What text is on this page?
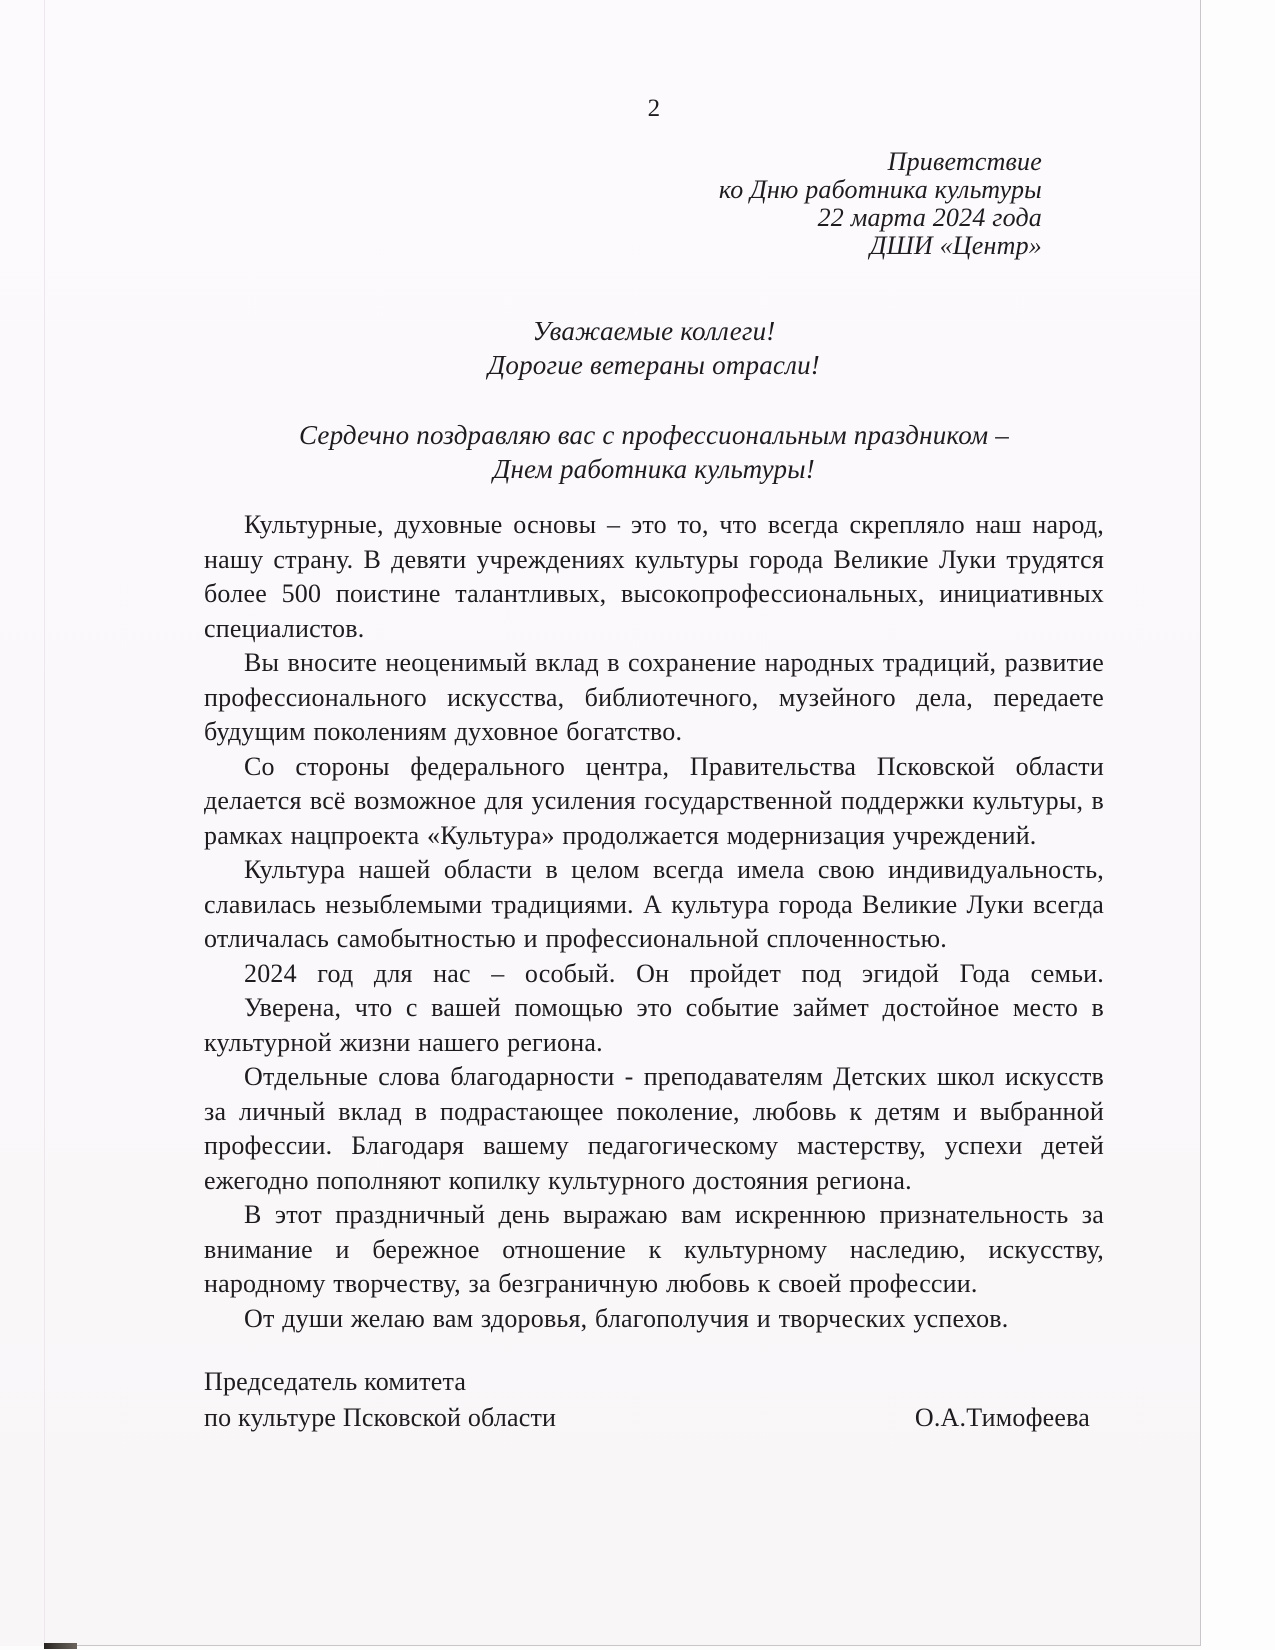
2
Приветствие
ко Дню работника культуры
22 марта 2024 года
ДШИ «Центр»
Уважаемые коллеги!
Дорогие ветераны отрасли!
Сердечно поздравляю вас с профессиональным праздником –
Днем работника культуры!

Культурные, духовные основы – это то, что всегда скрепляло наш народ, нашу страну. В девяти учреждениях культуры города Великие Луки трудятся более 500 поистине талантливых, высокопрофессиональных, инициативных специалистов.

Вы вносите неоценимый вклад в сохранение народных традиций, развитие профессионального искусства, библиотечного, музейного дела, передаете будущим поколениям духовное богатство.

Со стороны федерального центра, Правительства Псковской области делается всё возможное для усиления государственной поддержки культуры, в рамках нацпроекта «Культура» продолжается модернизация учреждений.

Культура нашей области в целом всегда имела свою индивидуальность, славилась незыблемыми традициями. А культура города Великие Луки всегда отличалась самобытностью и профессиональной сплоченностью.

2024 год для нас – особый. Он пройдет под эгидой Года семьи.

Уверена, что с вашей помощью это событие займет достойное место в культурной жизни нашего региона.

Отдельные слова благодарности - преподавателям Детских школ искусств за личный вклад в подрастающее поколение, любовь к детям и выбранной профессии. Благодаря вашему педагогическому мастерству, успехи детей ежегодно пополняют копилку культурного достояния региона.

В этот праздничный день выражаю вам искреннюю признательность за внимание и бережное отношение к культурному наследию, искусству, народному творчеству, за безграничную любовь к своей профессии.

От души желаю вам здоровья, благополучия и творческих успехов.

Председатель комитета
по культуре Псковской области	О.А.Тимофеева
